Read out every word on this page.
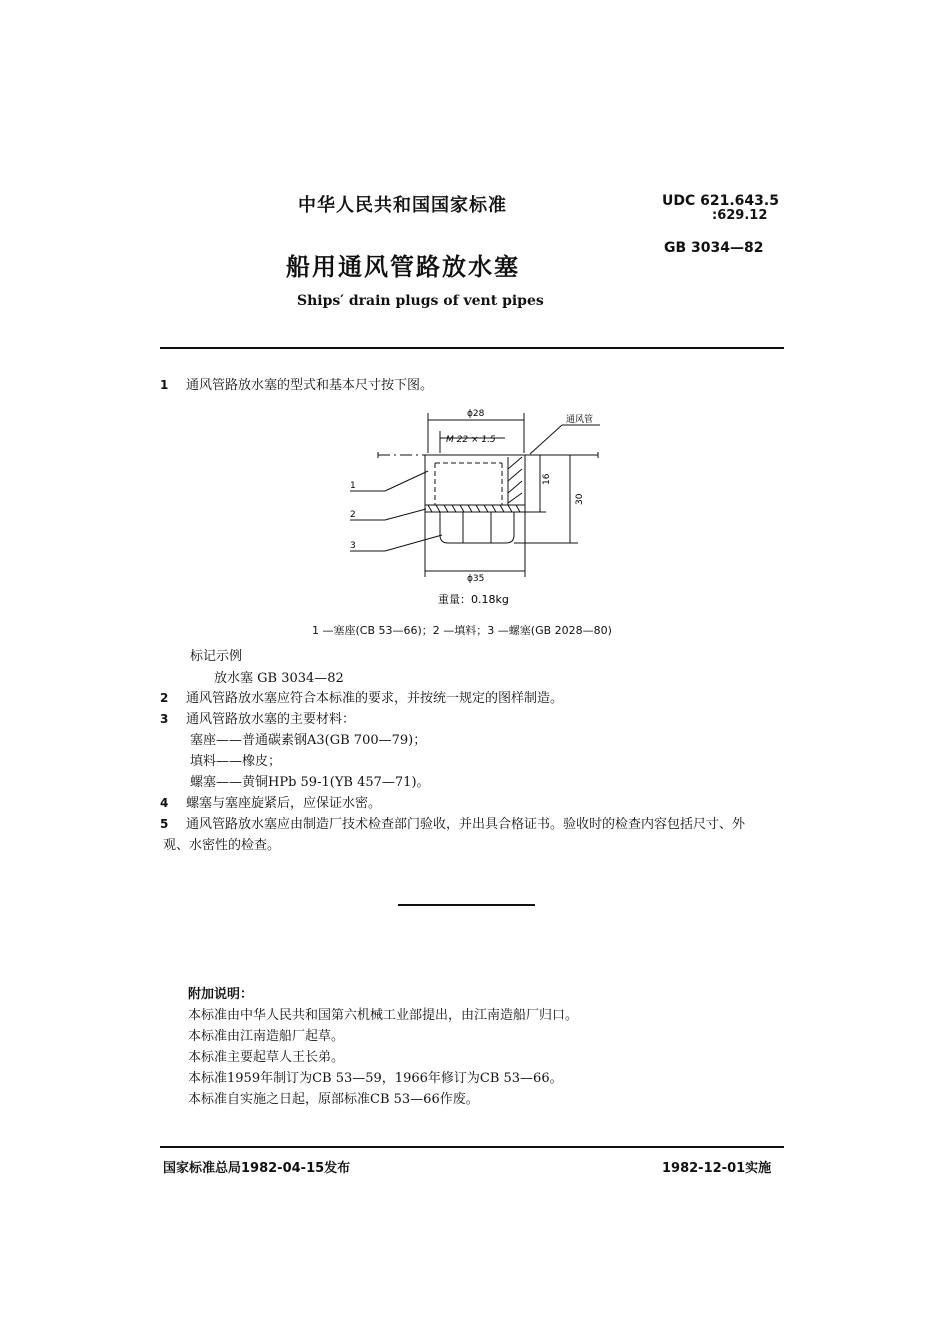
中华人民共和国国家标准	UDC 621.643.5
:629.12
GB 3034—82
船用通风管路放水塞
Ships′ drain plugs of vent pipes
1 通风管路放水塞的型式和基本尺寸按下图。
ϕ28
M 22 × 1.5
通风管
16
30
1
2
3
ϕ35
重量：0.18kg
1 —塞座(CB 53—66)；2 —填料；3 —螺塞(GB 2028—80)
标记示例
放水塞 GB 3034—82
2 通风管路放水塞应符合本标准的要求，并按统一规定的图样制造。
3 通风管路放水塞的主要材料：
塞座——普通碳素钢A3(GB 700—79)；
填料——橡皮；
螺塞——黄铜HPb 59-1(YB 457—71)。
4 螺塞与塞座旋紧后，应保证水密。
5 通风管路放水塞应由制造厂技术检查部门验收，并出具合格证书。验收时的检查内容包括尺寸、外
观、水密性的检查。
附加说明：
本标准由中华人民共和国第六机械工业部提出，由江南造船厂归口。
本标准由江南造船厂起草。
本标准主要起草人王长弟。
本标准1959年制订为CB 53—59，1966年修订为CB 53—66。
本标准自实施之日起，原部标准CB 53—66作废。
国家标准总局1982-04-15发布	1982-12-01实施
